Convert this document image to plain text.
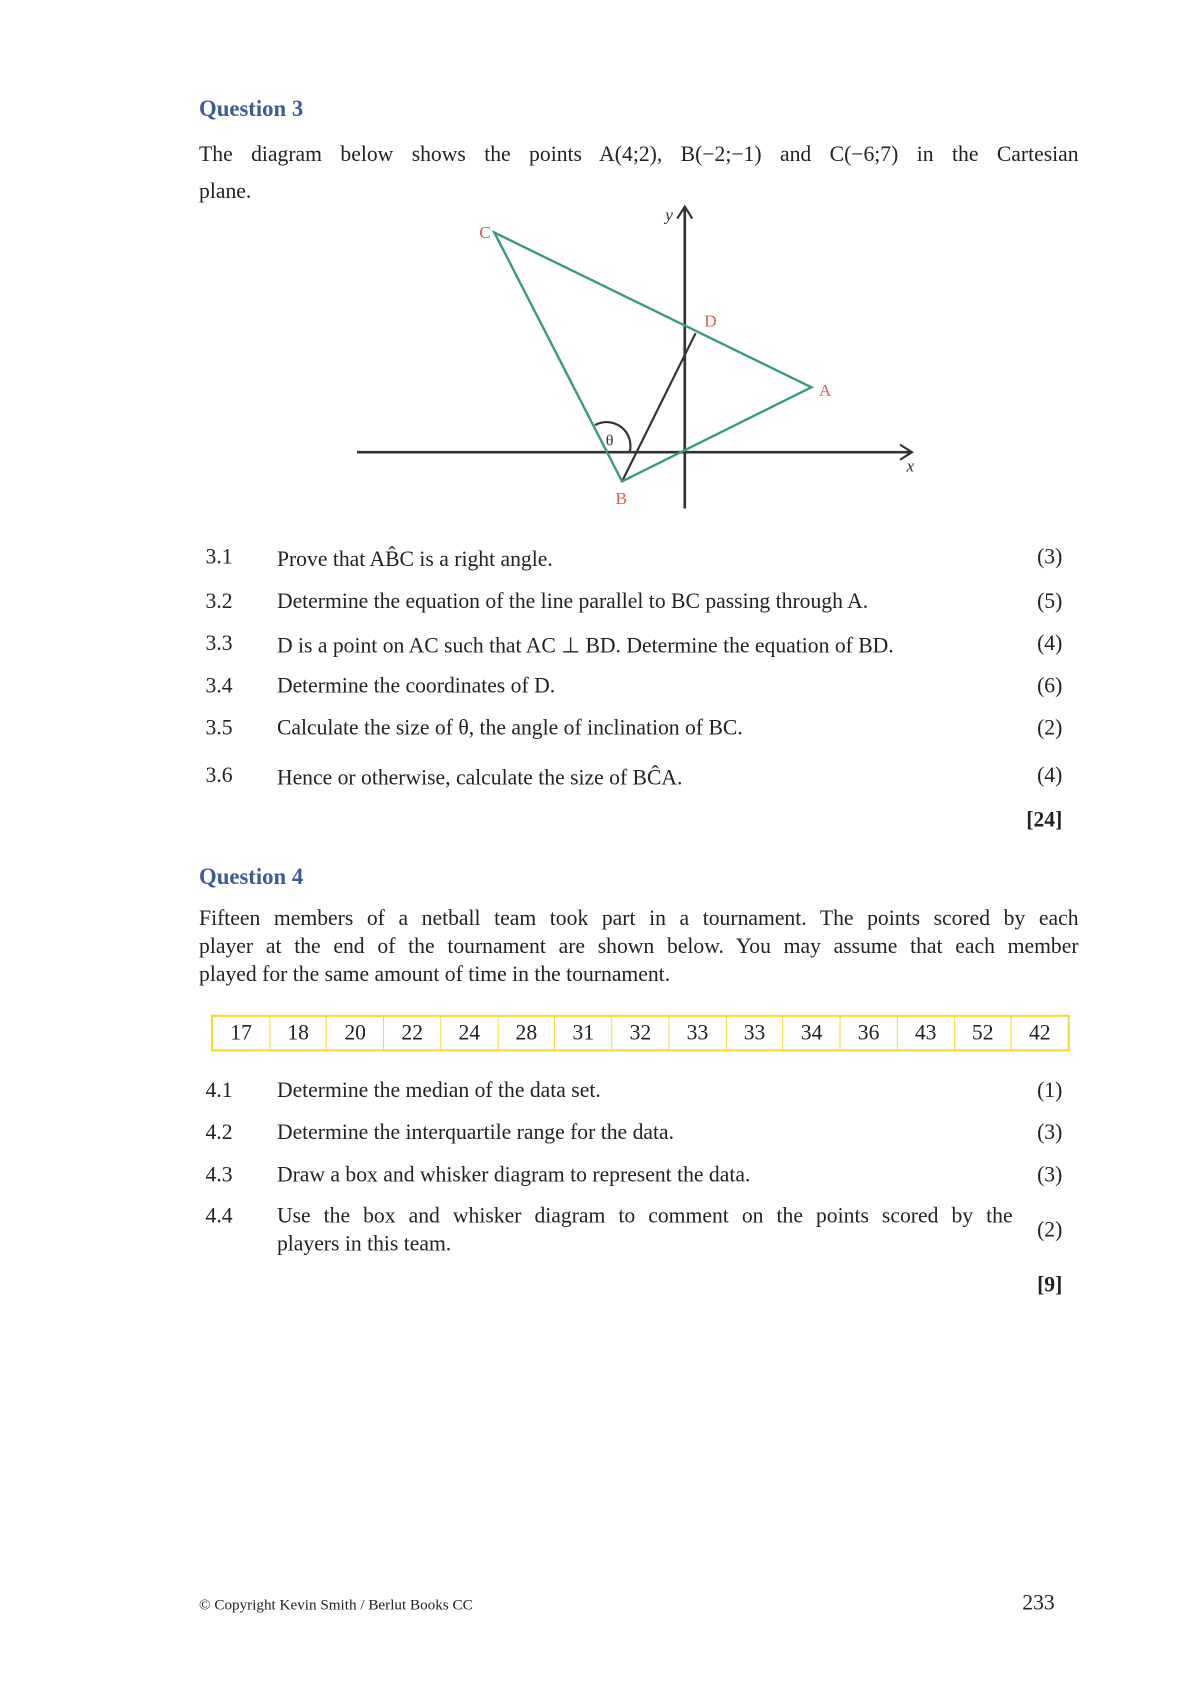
Question 3
The diagram below shows the points A(4;2), B(−2;−1) and C(−6;7) in the Cartesian
plane.
θ
C
D
A
B
y
x
3.1 Prove that AB̂C is a right angle.	(3)
3.2 Determine the equation of the line parallel to BC passing through A.	(5)
3.3 D is a point on AC such that AC ⊥ BD. Determine the equation of BD.	(4)
3.4 Determine the coordinates of D.	(6)
3.5 Calculate the size of θ, the angle of inclination of BC.	(2)
3.6 Hence or otherwise, calculate the size of BĈA.	(4)
[24]
Question 4
Fifteen members of a netball team took part in a tournament. The points scored by each
player at the end of the tournament are shown below. You may assume that each member
played for the same amount of time in the tournament.
17	18	20	22	24	28	31	32	33	33	34	36	43	52	42
4.1 Determine the median of the data set.	(1)
4.2 Determine the interquartile range for the data.	(3)
4.3 Draw a box and whisker diagram to represent the data.	(3)
4.4 Use the box and whisker diagram to comment on the points scored by the
players in this team.
(2)
[9]
© Copyright Kevin Smith / Berlut Books CC	233
